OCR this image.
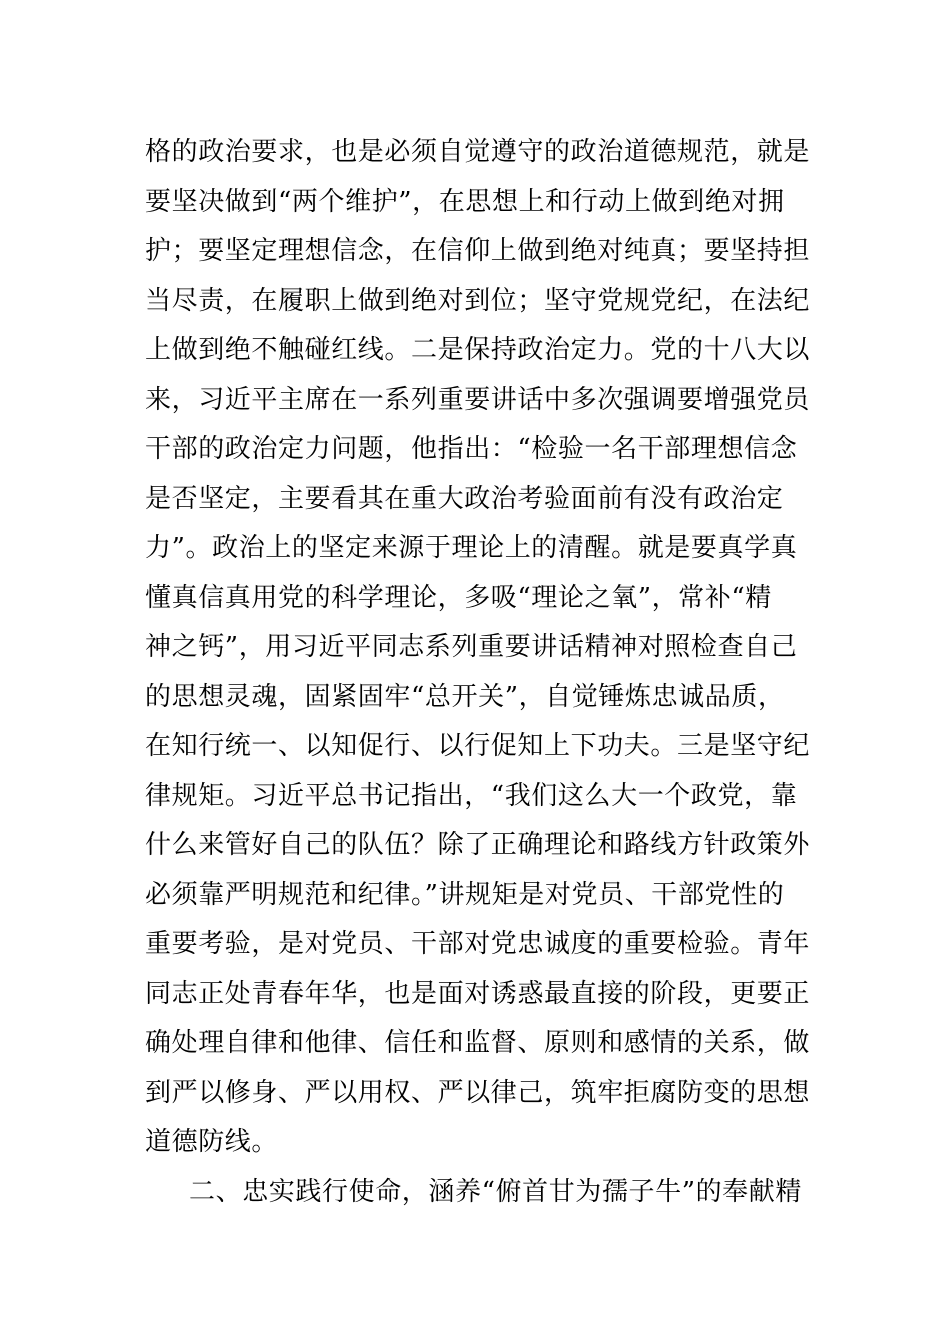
格的政治要求，也是必须自觉遵守的政治道德规范，就是
要坚决做到“两个维护”，在思想上和行动上做到绝对拥
护；要坚定理想信念，在信仰上做到绝对纯真；要坚持担
当尽责，在履职上做到绝对到位；坚守党规党纪，在法纪
上做到绝不触碰红线。二是保持政治定力。党的十八大以
来，习近平主席在一系列重要讲话中多次强调要增强党员
干部的政治定力问题，他指出：“检验一名干部理想信念
是否坚定，主要看其在重大政治考验面前有没有政治定
力”。政治上的坚定来源于理论上的清醒。就是要真学真
懂真信真用党的科学理论，多吸“理论之氧”，常补“精
神之钙”，用习近平同志系列重要讲话精神对照检查自己
的思想灵魂，固紧固牢“总开关”，自觉锤炼忠诚品质，
在知行统一、以知促行、以行促知上下功夫。三是坚守纪
律规矩。习近平总书记指出，“我们这么大一个政党，靠
什么来管好自己的队伍？除了正确理论和路线方针政策外
必须靠严明规范和纪律。”讲规矩是对党员、干部党性的
重要考验，是对党员、干部对党忠诚度的重要检验。青年
同志正处青春年华，也是面对诱惑最直接的阶段，更要正
确处理自律和他律、信任和监督、原则和感情的关系，做
到严以修身、严以用权、严以律己，筑牢拒腐防变的思想
道德防线。
二、忠实践行使命，涵养“俯首甘为孺子牛”的奉献精
